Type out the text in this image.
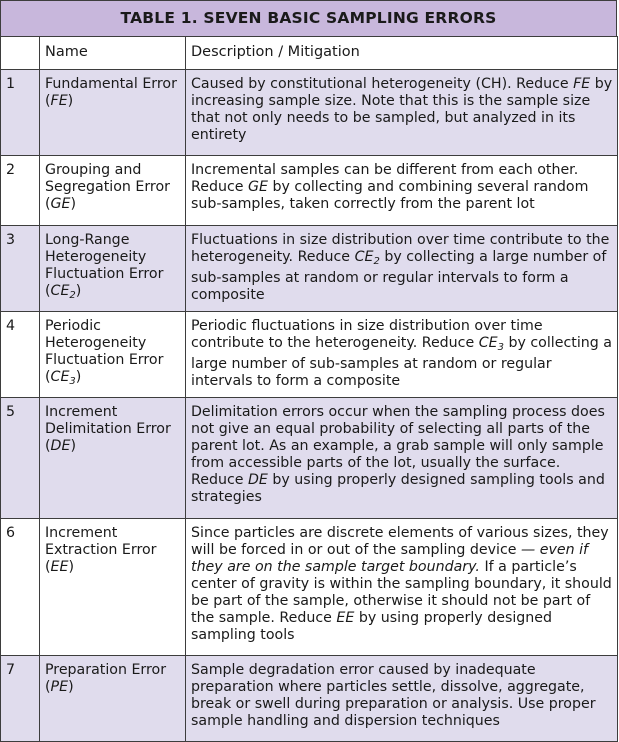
TABLE 1. SEVEN BASIC SAMPLING ERRORS
	Name	Description / Mitigation
1	Fundamental Error (FE)	Caused by constitutional heterogeneity (CH). Reduce FE by increasing sample size. Note that this is the sample size that not only needs to be sampled, but analyzed in its entirety
2	Grouping and Segregation Error (GE)	Incremental samples can be different from each other. Reduce GE by collecting and combining several random sub-samples, taken correctly from the parent lot
3	Long-Range Heterogeneity Fluctuation Error $(CE_2)$	Fluctuations in size distribution over time contribute to the heterogeneity. Reduce $CE_2$ by collecting a large number of sub-samples at random or regular intervals to form a composite
4	Periodic Heterogeneity Fluctuation Error $(CE_3)$	Periodic fluctuations in size distribution over time contribute to the heterogeneity. Reduce $CE_3$ by collecting a large number of sub-samples at random or regular intervals to form a composite
5	Increment Delimitation Error (DE)	Delimitation errors occur when the sampling process does not give an equal probability of selecting all parts of the parent lot. As an example, a grab sample will only sample from accessible parts of the lot, usually the surface. Reduce DE by using properly designed sampling tools and strategies
6	Increment Extraction Error (EE)	Since particles are discrete elements of various sizes, they will be forced in or out of the sampling device — even if they are on the sample target boundary. If a particle’s center of gravity is within the sampling boundary, it should be part of the sample, otherwise it should not be part of the sample. Reduce EE by using properly designed sampling tools
7	Preparation Error (PE)	Sample degradation error caused by inadequate preparation where particles settle, dissolve, aggregate, break or swell during preparation or analysis. Use proper sample handling and dispersion techniques
